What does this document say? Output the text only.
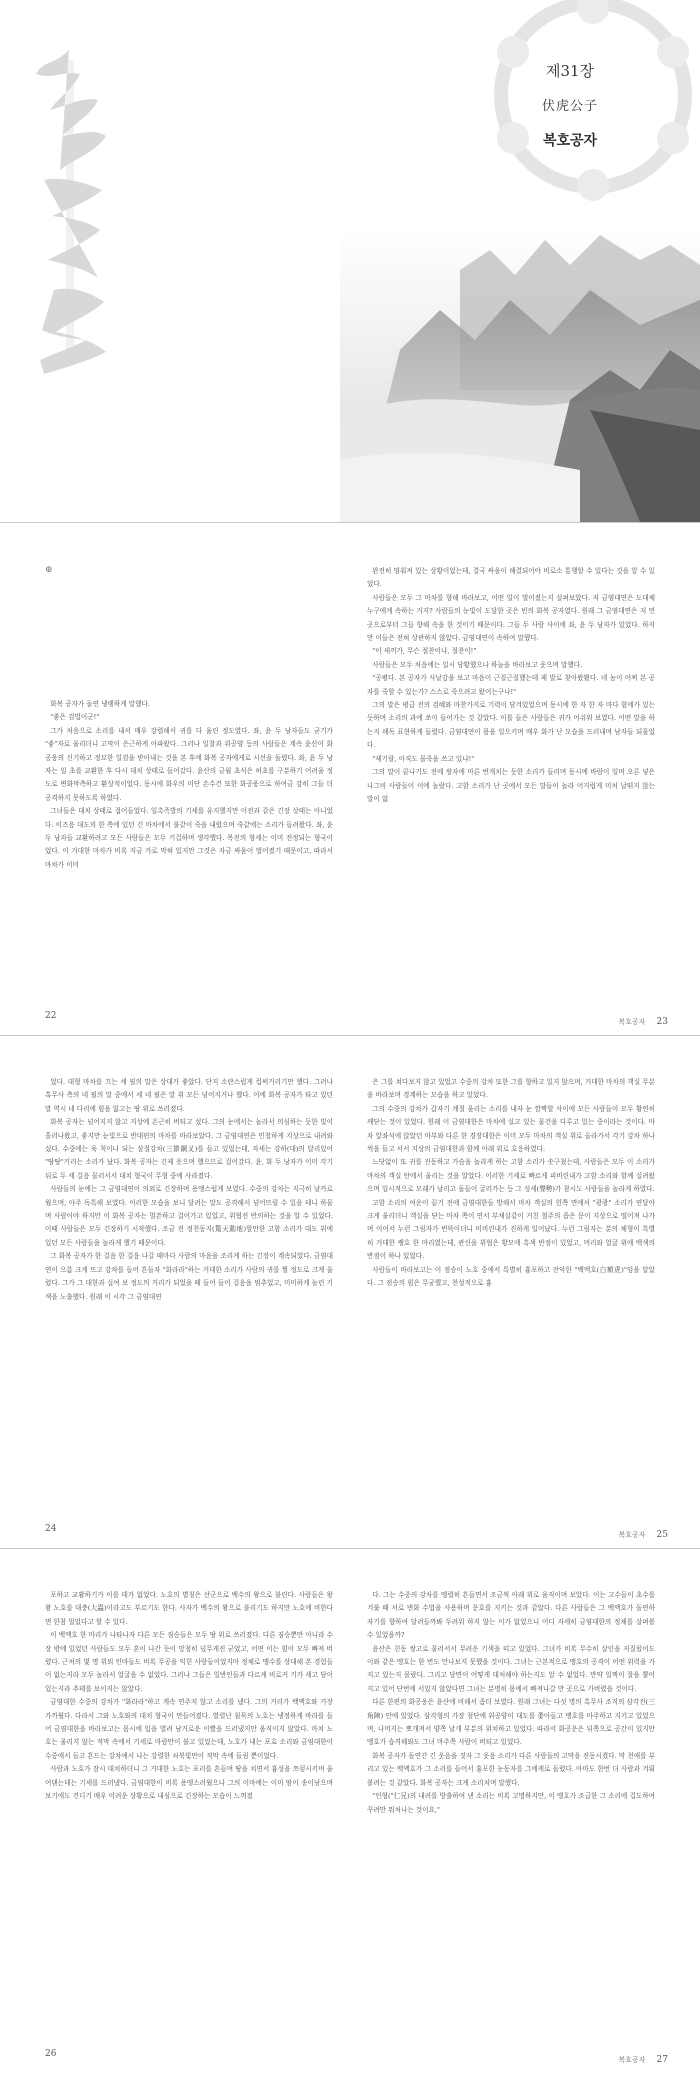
제31장
伏虎公子
복호공자
⊕

화복 공자가 돌연 냉랭하게 말했다.

"좋은 검법이군!"

그가 처음으로 소리를 내서 매우 강렬해서 귀를 다 울린 정도였다. 좌, 윤 두 낭자들도 굳기가 "좋"자로 울리더니 고막이 은근하게 아파왔다. 그러나 일찰과 위공양 등의 사람들은 계속 윤산이 화공웅의 신기하고 정묘한 일검을 받아내는 것을 본 후에 화복 공자에게로 시선을 돌렸다. 좌, 윤 두 낭자는 일 초를 교환한 후 다시 대치 상태로 들어갔다. 윤산의 금월 초식은 허초를 구분하기 어려울 정도로 변화막측하고 환상적이었다. 동시에 화우의 미단 손수건 또한 화공웅으로 하여금 감히 그들 더 공격하지 못하도록 하였다.

그녀들은 대치 상태로 접어들었다. 일촉즉발의 기세를 유지했지만 이전과 같은 긴장 상태는 아니었다. 이즈음 대도의 한 쪽에 있던 긴 마차에서 불같이 죽을 내렸으며 죽같에는 소리가 들려왔다. 좌, 윤 두 낭자들 교환하려고 모든 사람들은 모두 기겁하며 생각했다. 목전의 형세는 이미 전정되는 형국이었다. 이 거대한 마차가 비록 지금 가로 막혀 있지만 그것은 자금 싸움이 벌어졌기 때문이고, 따라서 마차가 이미

22

완전히 멈춰져 있는 상황이었는데, 결국 싸움이 해결되어야 비로소 통행할 수 있다는 것을 알 수 있었다.

사람들은 모두 그 마차를 향해 바라보고, 어떤 일이 벌어졌는지 살펴보았다. 저 금염대연은 도대체 누구에게 속하는 거지? 사람들의 눈빛이 도달한 곳은 빈의 화복 공자였다. 원래 그 금염대연은 저 먼 곳으로부터 그들 향해 속을 한 것이기 때문이다. 그들 두 사람 사이에 좌, 윤 두 낭자가 있었다. 하지만 이들은 전혀 상관하지 않았다. 금염대연이 속하여 말했다.

"이 새끼가, 무슨 절찬이냐, 절찬이!"

사람들은 모두 처음에는 일시 당황했으나 하늘을 바라보고 웃으며 말했다.

"공평다. 본 공자가 사날감을 보고 마음이 근질근질했는데 제 발로 찾아왔봤다. 네 놈이 어찌 본 공자를 죽할 수 있는가? 스스로 죽으려고 왔어는구나!"

그의 말은 평급 전의 검혜와 마찬가지로 기력이 담겨있었으며 동시에 한 자 한 자 마다 힘에가 있는 듯하며 소리의 과에 쏘아 들어가는 것 같았다. 이를 들은 사람들은 귀가 어쉬워 보였다. 어떤 말을 하는지 해독 표현하게 들렸다. 금염대연이 몸을 일으키며 매우 화가 난 모습을 드러내며 남자들 되물었다.

"제기랄, 아직도 몰죽을 쓰고 있냐!"

그의 말이 끝나기도 전에 쌍자에 마른 번개치는 듯한 소리가 들리며 동시에 바람이 일며 오른 넣은 나그비 사람들이 이에 놀랐다. 고함 소리가 난 곳에서 모든 말들이 놀라 어지럽게 미처 날뛰지 않는 말이 없

복호공자 23

었다. 대형 마차를 끄는 세 필의 말은 상대가 좋았다. 단지 소란스럽게 컵써거리기만 했다. 그러나 혹무사 측의 네 필의 말 중에서 세 네 필은 말 위 모든 넘어지거나 했다. 이에 화복 공자가 타고 있던 말 역시 네 다리에 힘을 잃고는 땅 위로 쓰러졌다.

화복 공자는 넘어지지 않고 지상에 온근히 버티고 섰다. 그의 눈에서는 놀라서 의심하는 듯한 빛이 흘러나왔고, 좋지만 눈빛으로 반대편의 마차를 바라보았다. 그 금염대연은 민첩하게 지상으로 내려와 섰다. 수중에는 육 척이나 되는 삼절강차(三節鋼叉)를 들고 있었는데, 자세는 강하(대)의 달리있어 "땅땅"거리는 소리가 났다. 화복 공자는 긴제 옷으며 했으므로 걸어갔다. 윤, 화 두 낭자가 이미 각기 뒤로 두 세 걸음 물러서서 대치 형국이 무형 중에 사라졌다.

사람들의 눈에는 그 금염대연이 의외로 긴장하며 용맹스럽게 보였다. 수중의 강차는 지극히 날카로웠으며, 아주 독특해 보였다. 이러한 모습을 보니 달려는 말도 공격해서 넘어뜨릴 수 있을 테니 하물며 사람이야 하지만 이 화복 공자는 멀쓴하고 걸어가고 있었고, 위협전 반의하는 것을 알 수 있었다. 이때 사람들은 모두 긴장하기 시작했다. 조금 전 정천동지(驚天動地)할만한 고함 소리가 대도 위에 있던 모든 사람들을 놀라게 했기 때문이다.

그 화복 공자가 한 걸음 한 걸음 나갈 때마다 사람의 마음을 조리게 하는 긴장이 계속되었다. 금염대연이 으름 크게 뜨고 강차를 들어 흔들자 "화라라"하는 거대한 소리가 사람의 귀를 찔 정도로 크게 울렸다. 그가 그 대한과 십여 보 정도의 거리가 되었을 때 들어 들어 걸음을 멈추었고, 미미하게 놀린 기색을 노출했다. 원래 이 시각 그 금염대연

24

은 그를 쳐다보지 않고 있었고 수중의 강차 또한 그를 향하고 있지 않으며, 거대한 마차의 객실 무분을 바라보며 경계하는 모습을 하고 있었다.

그의 수중의 강차가 갑자기 계절 울리는 소리를 내자 눈 깜짝할 사이에 모든 사람들이 모두 황연히 깨닫는 것이 있었다. 원래 이 금염대한은 마차에 실고 있는 물건을 다루고 있는 중이라는 것이다. 마차 앞좌석에 앉았던 마부와 다른 한 경장대한은 이미 모두 마차의 객실 위로 올라가서 각기 강차 하나씩을 들고 서서 지상의 금염대한과 함께 아래 위로 호응하였다.

느닷없이 또 귀를 진동하고 가슴을 놀라게 하는 고함 소리가 솟구쳤는데, 사람들은 모두 이 소리가 마차의 객실 안에서 울리는 것을 알았다. 이러한 기세로 빠르게 피비린내가 고함 소리와 함께 실려왔으며 일시적으로 모래가 날리고 돌들이 굴러가는 등 그 성세(聲勢)가 참시도 사람들을 놀라게 하였다.

고함 소리의 여운이 끝기 전에 금염대한들 방해서 마차 객실의 헌쪽 면에서 "쾅쾅" 소리가 연달아 크게 울리더니 객실을 닫는 마차 쪽이 연서 부채살같이 거친 철주의 좁은 문이 지상으로 떨어져 나가며 이어서 누런 그림자가 번뜩이더니 비비린내가 진하게 일어났다. 누런 그림자는 분의 체형이 특별히 거대한 쌩호 한 마리였는데, 관신을 위협은 황모에 흑색 반점이 있었고, 머리와 얼굴 위에 백색의 반점이 하나 있었다.

사람들이 바라보고는 이 점승이 노호 중에서 특별히 흉포하고 잔악한 "백액호(白額虎)"임을 알았다. 그 점승의 힘은 무궁했고, 천성적으로 흉

복호공자 25

포하고 교활하기가 이를 데가 없었다. 노호의 별칭은 산군으로 백수의 왕으로 불린다. 사람들은 왕왕 노호를 대충(大蟲)이라고도 부르기도 한다. 사자가 백수의 왕으로 불리기도 하지만 노호에 비한다면 한참 멀었다고 할 수 있다.

이 백액호 한 마리가 나타나자 다른 모든 짐승들은 모두 땅 위로 쓰러졌다. 다른 짐승뿐만 아니라 수 장 밖에 있었던 사람들도 모두 혼이 나간 듯이 망청히 넋무게진 굳었고, 어떤 이는 힘이 모두 빠져 버렸다. 근처의 몇 명 위외 인마들도 비록 무공을 익힌 사람들이었지마 정체로 맹수를 상대해 본 경험들이 없는지라 모두 놀라서 얼굴을 수 없었다. 그러나 그들은 일반인들과 다르게 비로커 기가 세고 담이 있는지라 추태를 보이지는 않았다.

금염대한 수중의 강차가 "화라라"하고 계속 연주지 않고 소리를 냈다. 그의 거리가 백액호와 가장 가까웠다. 다라서 그와 노호와의 대치 형국이 만들어졌다. 열렬난 침묵의 노호는 냉정하게 바라를 들어 금염대한을 바라보고는 몸시에 입을 벌려 남거로운 이빨을 드러냈지만 움직이지 않았다. 마치 노호는 울리지 않는 적막 속에서 기세로 마람만이 불고 있었는데, 노호가 내는 포효 소리와 금염대한이 수중에서 들고 흔드는 강차에서 나는 강렬한 쇠북빛만이 적막 속에 들림 뿐이었다.

사람과 노호가 잠시 대치하더니 그 거대한 노호는 포리를 흔들며 땅을 치면서 흉성을 쯔렁시키며 울어댄는데는 기세를 드러냈다. 금염대한이 비록 용맹스러웠으나 그의 이마에는 이미 땀이 송이남으며 보기에도 견디기 매우 어려운 상황으로 내심으로 긴장하는 모습이 느껴졌

26

다. 그는 수중의 강차를 맹렬히 흔들면서 조금씩 아래 위로 움직이며 보았다. 이는 고수들이 초수를 겨룰 때 서로 변화 수법을 사용하며 문호를 지키는 것과 같았다. 다른 사람들은 그 백액호가 돌연하 자기를 향하여 달려들까봐 두려워 하지 않는 이가 없었으니 어디 자세히 금염대한의 정체를 살펴볼 수 있었을까?

윤산은 친동 쌍고로 물러서서 무려운 기색을 띠고 있었다. 그녀가 비록 무수히 살인을 저질렀어도 이와 같은 맹호는 한 번도 만나보지 못했을 것이다. 그녀는 근본적으로 맹호의 공격이 어떤 위력을 가지고 있는지 몰랐다. 그리고 당면이 어떻게 대처해야 하는지도 알 수 없었다. 만약 일찍이 잘을 뿔어지고 있어 단번에 서있지 않았다면 그녀는 분명히 몸에서 빠져나갈 만 곳으로 가버렸을 것이다.

다른 한편의 화공웅은 윤산에 비해서 좀더 보였다. 원래 그녀는 다섯 명의 흑무사 조직의 삼각진(三角陣) 안에 있었다. 삼각형의 가장 첨단에 위공양이 대도를 쫓아들고 멩호를 마주하고 지키고 있었으며, 나머지는 뽀개져서 양쪽 날개 부분의 위치하고 있었다. 따라서 화공운은 뒤쪽으로 공간이 있지만 맹호가 습격해와도 그녀 마주쪽 사람이 버티고 있었다.

화복 공자가 돌연간 긴 웃음을 짓자 그 웃음 소리가 다른 사람들의 고막을 진동시켰다. 막 천애를 부리고 있는 백액호가 그 소리를 들어서 흉포한 눈동자를 그에게로 돌렸다. 아마도 한번 더 사람과 겨뤄볼려는 것 같았다. 화복 공자는 크게 소리치며 말했다.

"인형("仁兄)의 내려를 방출하여 낸 소리는 비록 고명하지만, 이 맹호가 조급한 그 소리에 겁도하여 꾸려만 뭐처나는 것이요,"

복호공자 27
